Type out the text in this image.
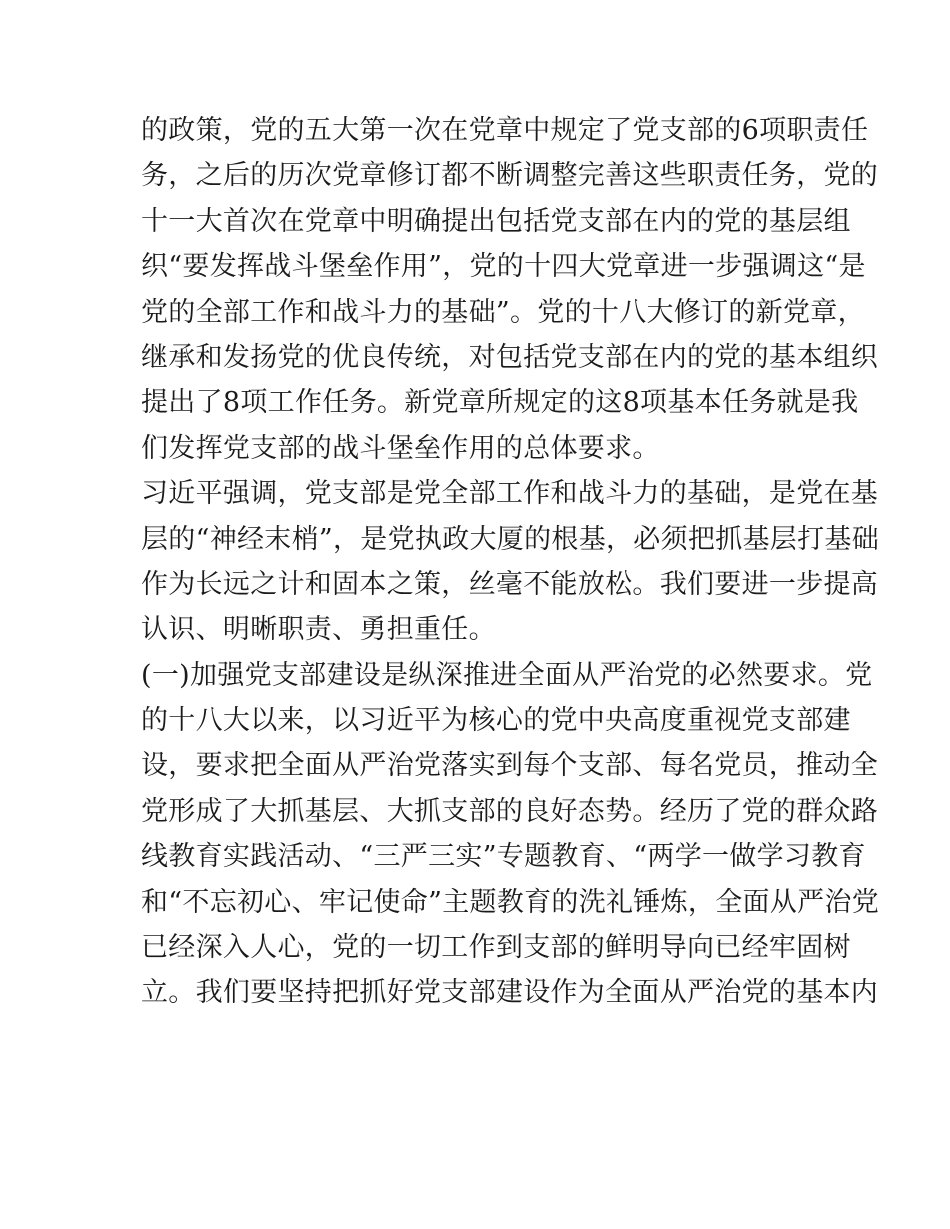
的政策，党的五大第一次在党章中规定了党支部的6项职责任
务，之后的历次党章修订都不断调整完善这些职责任务，党的
十一大首次在党章中明确提出包括党支部在内的党的基层组
织“要发挥战斗堡垒作用”，党的十四大党章进一步强调这“是
党的全部工作和战斗力的基础”。党的十八大修订的新党章，
继承和发扬党的优良传统，对包括党支部在内的党的基本组织
提出了8项工作任务。新党章所规定的这8项基本任务就是我
们发挥党支部的战斗堡垒作用的总体要求。
习近平强调，党支部是党全部工作和战斗力的基础，是党在基
层的“神经末梢”，是党执政大厦的根基，必须把抓基层打基础
作为长远之计和固本之策，丝毫不能放松。我们要进一步提高
认识、明晰职责、勇担重任。
(一)加强党支部建设是纵深推进全面从严治党的必然要求。党
的十八大以来，以习近平为核心的党中央高度重视党支部建
设，要求把全面从严治党落实到每个支部、每名党员，推动全
党形成了大抓基层、大抓支部的良好态势。经历了党的群众路
线教育实践活动、“三严三实”专题教育、“两学一做学习教育
和“不忘初心、牢记使命”主题教育的洗礼锤炼，全面从严治党
已经深入人心，党的一切工作到支部的鲜明导向已经牢固树
立。我们要坚持把抓好党支部建设作为全面从严治党的基本内
